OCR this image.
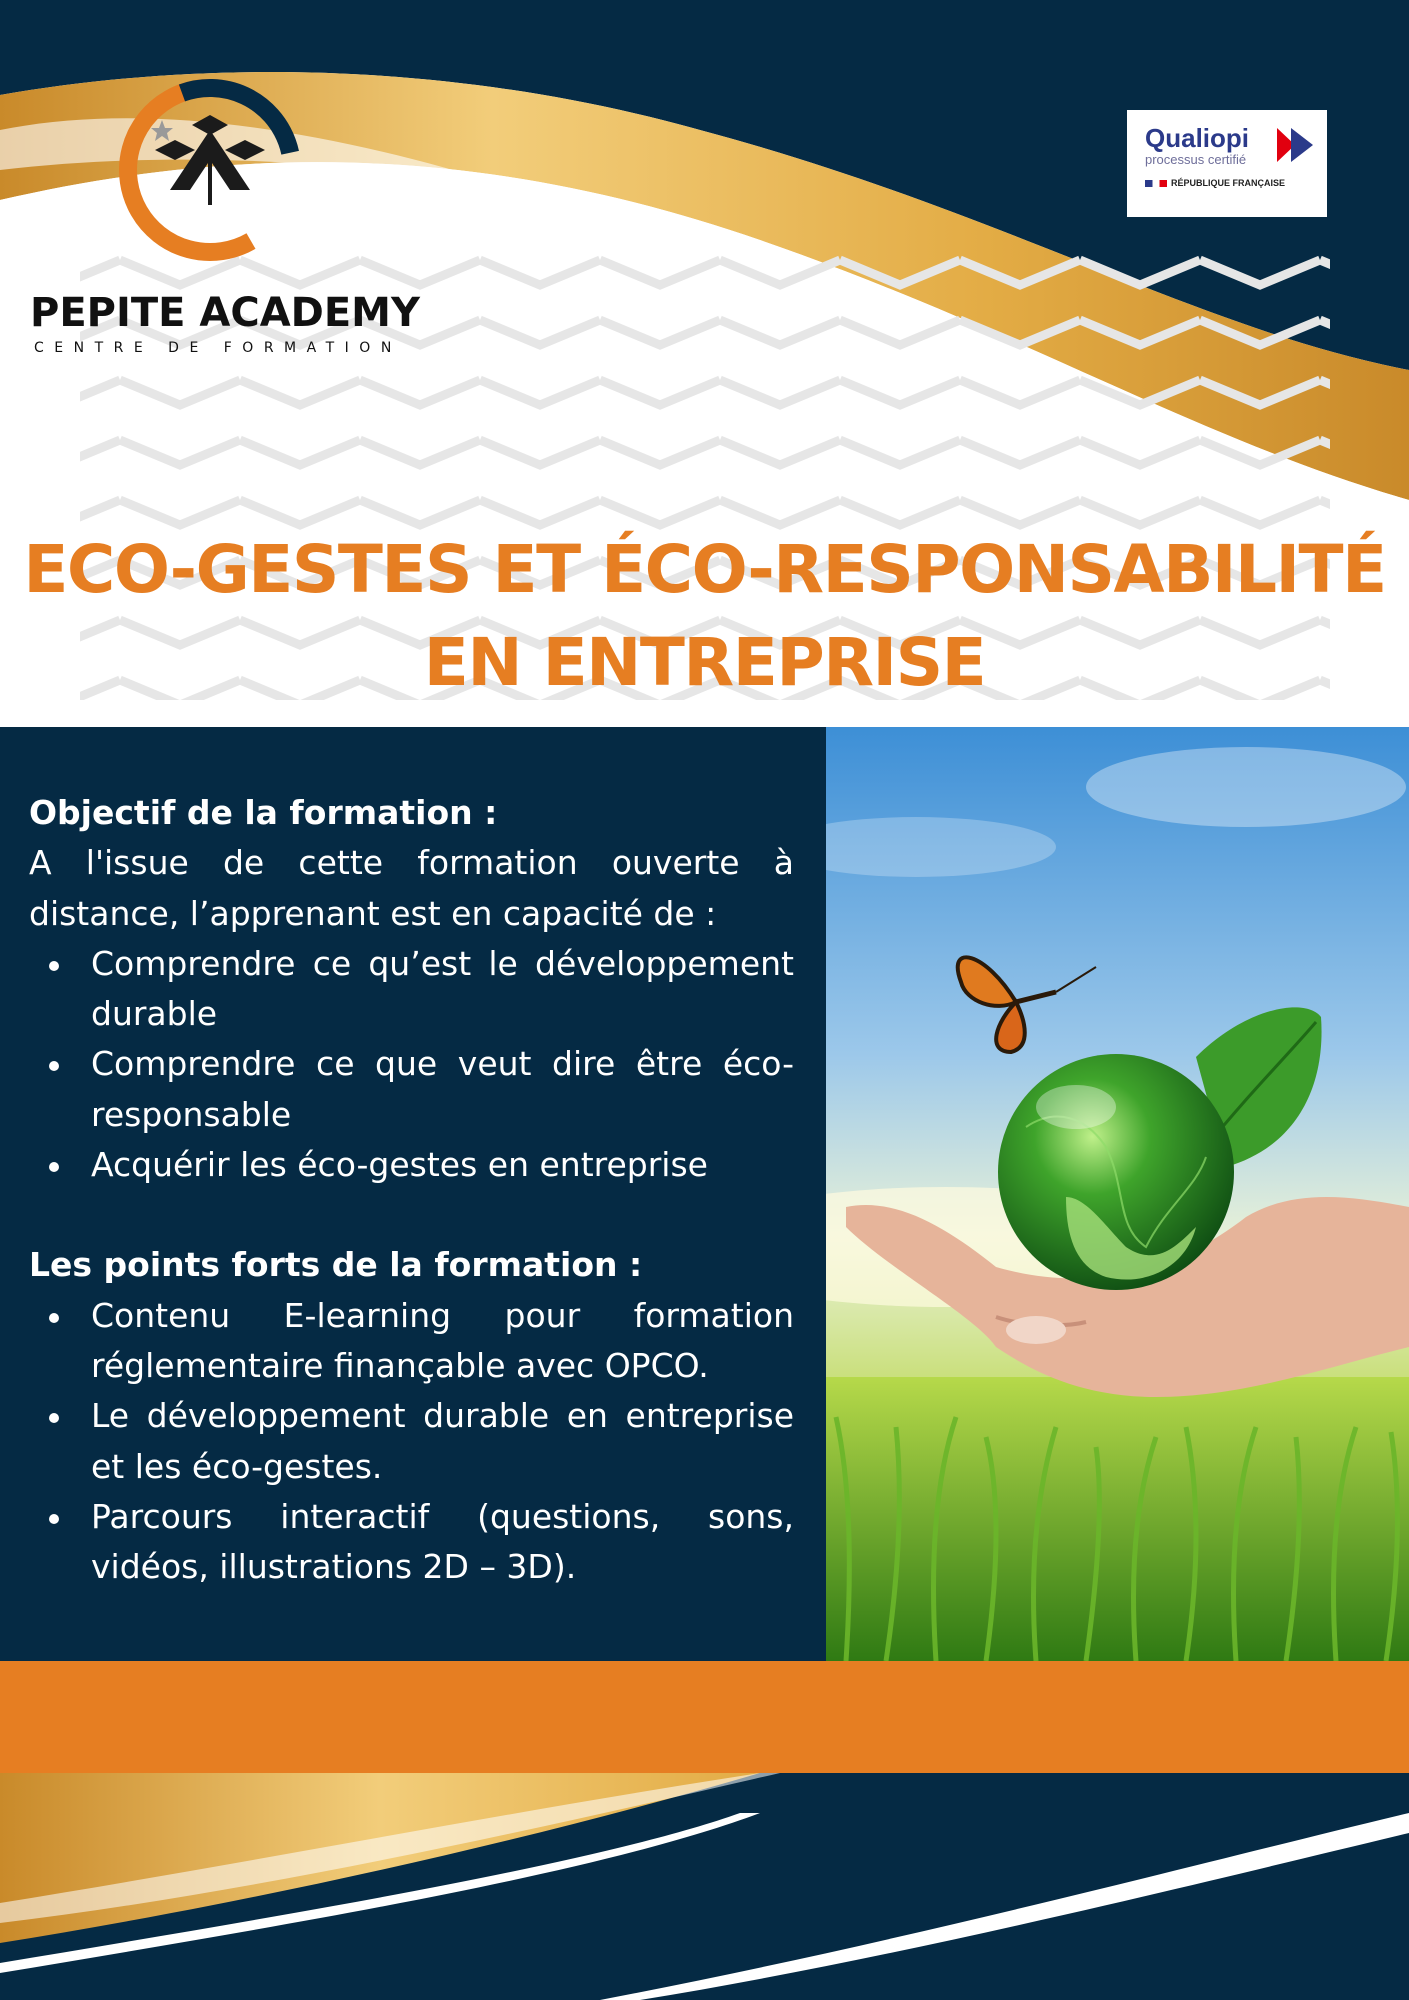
PEPITE ACADEMY
CENTRE DE FORMATION
Qualiopi
processus certifié
RÉPUBLIQUE FRANÇAISE
ECO-GESTES ET ÉCO-RESPONSABILITÉ
EN ENTREPRISE
Objectif de la formation :
A l'issue de cette formation ouverte à distance, l’apprenant est en capacité de :
Comprendre ce qu’est le développement durable
Comprendre ce que veut dire être éco-responsable
Acquérir les éco-gestes en entreprise
Les points forts de la formation :
Contenu E-learning pour formation réglementaire finançable avec OPCO.
Le développement durable en entreprise et les éco-gestes.
Parcours interactif (questions, sons, vidéos, illustrations 2D – 3D).
